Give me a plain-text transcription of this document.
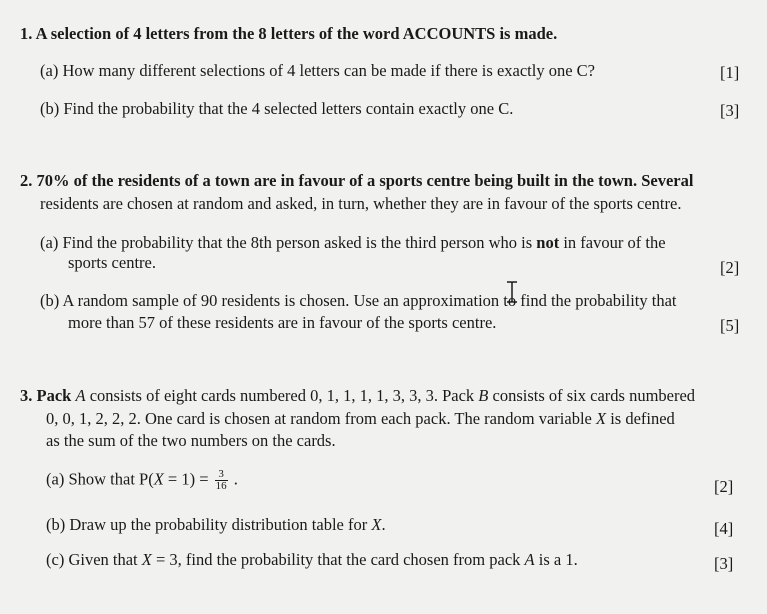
1. A selection of 4 letters from the 8 letters of the word ACCOUNTS is made.
(a) How many different selections of 4 letters can be made if there is exactly one C?	[1]
(b) Find the probability that the 4 selected letters contain exactly one C.	[3]
2. 70% of the residents of a town are in favour of a sports centre being built in the town. Several
residents are chosen at random and asked, in turn, whether they are in favour of the sports centre.
(a) Find the probability that the 8th person asked is the third person who is not in favour of the
sports centre.	[2]
(b) A random sample of 90 residents is chosen. Use an approximation to find the probability that
more than 57 of these residents are in favour of the sports centre.	[5]
3. Pack A consists of eight cards numbered 0, 1, 1, 1, 1, 3, 3, 3. Pack B consists of six cards numbered
0, 0, 1, 2, 2, 2. One card is chosen at random from each pack. The random variable X is defined
as the sum of the two numbers on the cards.
(a) Show that $P(X = 1) = \frac{3}{16}$ .	[2]
(b) Draw up the probability distribution table for X.	[4]
(c) Given that X = 3, find the probability that the card chosen from pack A is a 1.	[3]
